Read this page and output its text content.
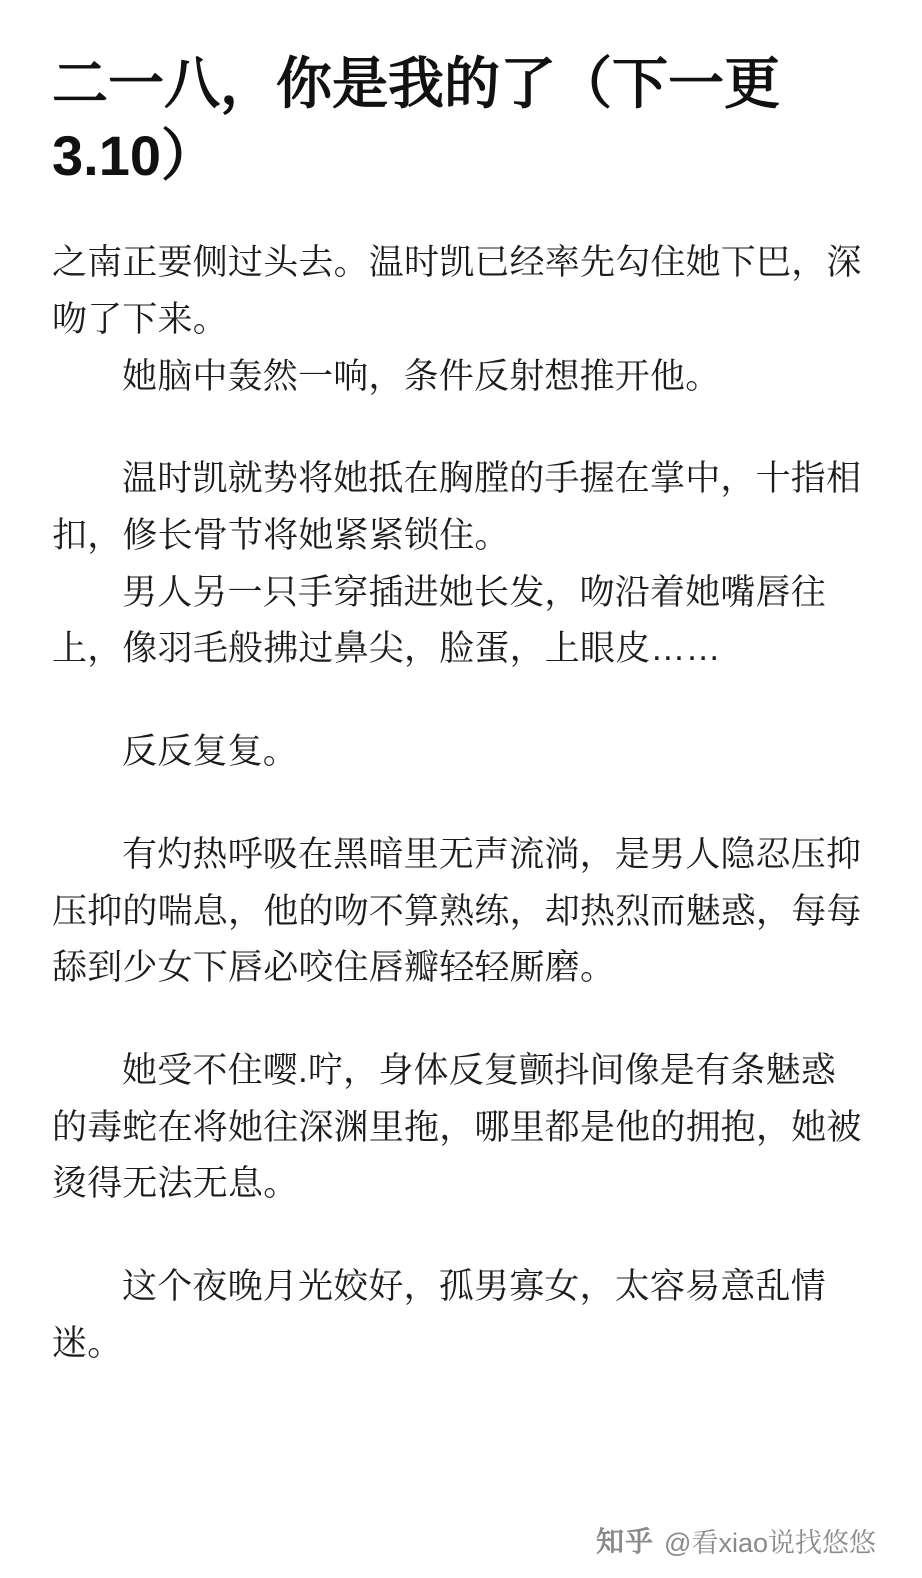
二一八，你是我的了（下一更3.10）

之南正要侧过头去。温时凯已经率先勾住她下巴，深吻了下来。

她脑中轰然一响，条件反射想推开他。

温时凯就势将她抵在胸膛的手握在掌中，十指相扣，修长骨节将她紧紧锁住。

男人另一只手穿插进她长发，吻沿着她嘴唇往上，像羽毛般拂过鼻尖，脸蛋，上眼皮……

反反复复。

有灼热呼吸在黑暗里无声流淌，是男人隐忍压抑压抑的喘息，他的吻不算熟练，却热烈而魅惑，每每舔到少女下唇必咬住唇瓣轻轻厮磨。

她受不住嘤.咛，身体反复颤抖间像是有条魅惑的毒蛇在将她往深渊里拖，哪里都是他的拥抱，她被烫得无法无息。

这个夜晚月光姣好，孤男寡女，太容易意乱情迷。

知乎 @看xiao说找悠悠
